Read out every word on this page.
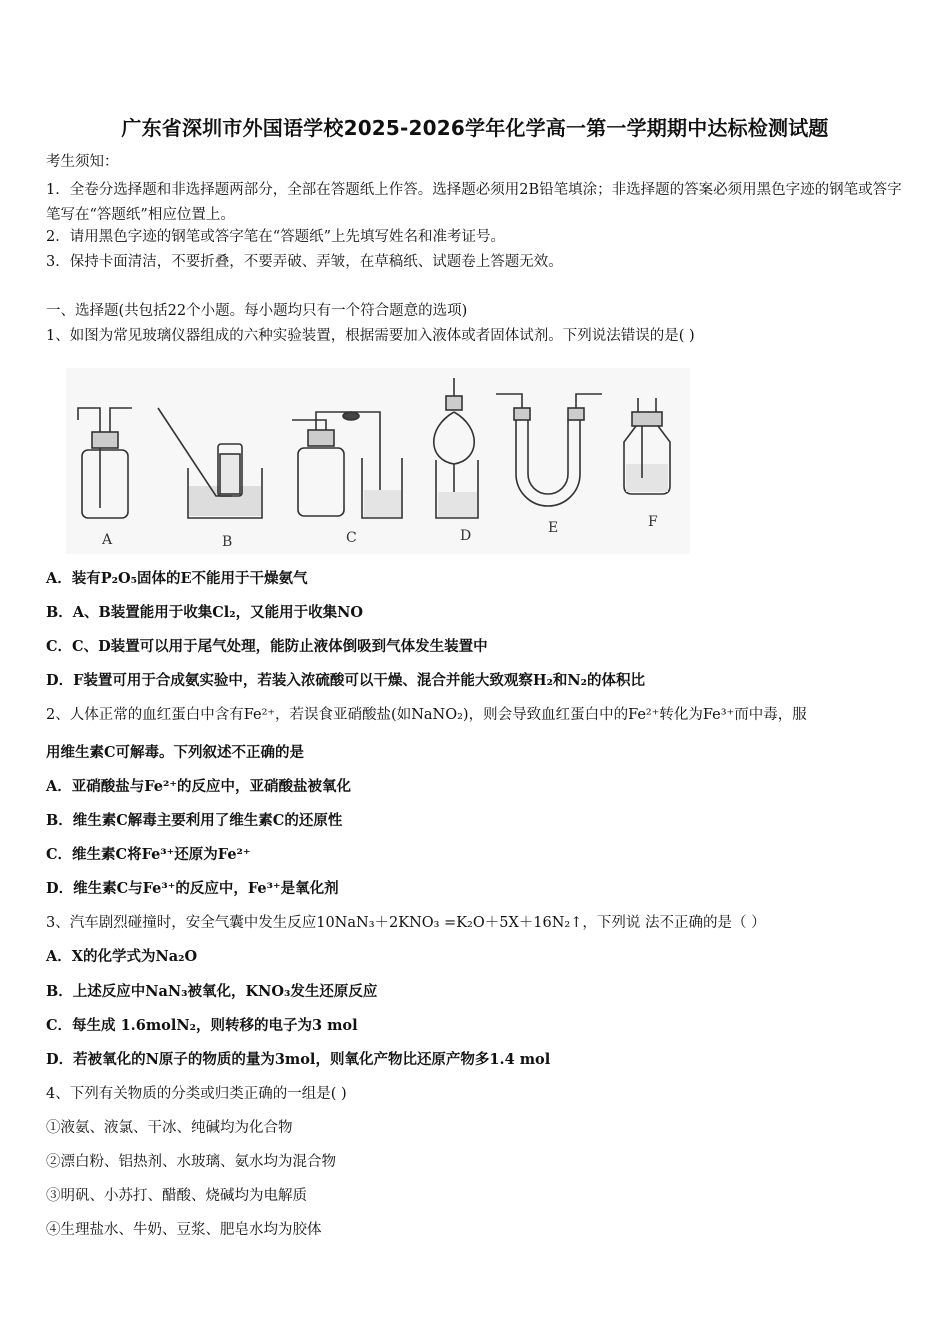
广东省深圳市外国语学校2025-2026学年化学高一第一学期期中达标检测试题
考生须知：
1．全卷分选择题和非选择题两部分，全部在答题纸上作答。选择题必须用2B铅笔填涂；非选择题的答案必须用黑色字迹的钢笔或答字笔写在“答题纸”相应位置上。
2．请用黑色字迹的钢笔或答字笔在“答题纸”上先填写姓名和准考证号。
3．保持卡面清洁，不要折叠，不要弄破、弄皱，在草稿纸、试题卷上答题无效。
一、选择题(共包括22个小题。每小题均只有一个符合题意的选项)
1、如图为常见玻璃仪器组成的六种实验装置，根据需要加入液体或者固体试剂。下列说法错误的是( )
A	B	C	D	E	F
A．装有P₂O₅固体的E不能用于干燥氨气
B．A、B装置能用于收集Cl₂，又能用于收集NO
C．C、D装置可以用于尾气处理，能防止液体倒吸到气体发生装置中
D．F装置可用于合成氨实验中，若装入浓硫酸可以干燥、混合并能大致观察H₂和N₂的体积比
2、人体正常的血红蛋白中含有Fe²⁺，若误食亚硝酸盐(如NaNO₂)，则会导致血红蛋白中的Fe²⁺转化为Fe³⁺而中毒，服
用维生素C可解毒。下列叙述不正确的是
A．亚硝酸盐与Fe²⁺的反应中，亚硝酸盐被氧化
B．维生素C解毒主要利用了维生素C的还原性
C．维生素C将Fe³⁺还原为Fe²⁺
D．维生素C与Fe³⁺的反应中，Fe³⁺是氧化剂
3、汽车剧烈碰撞时，安全气囊中发生反应10NaN₃＋2KNO₃ =K₂O＋5X＋16N₂↑，下列说 法不正确的是（ ）
A．X的化学式为Na₂O
B．上述反应中NaN₃被氧化，KNO₃发生还原反应
C．每生成 1.6molN₂，则转移的电子为3 mol
D．若被氧化的N原子的物质的量为3mol，则氧化产物比还原产物多1.4 mol
4、下列有关物质的分类或归类正确的一组是( )
①液氨、液氯、干冰、纯碱均为化合物
②漂白粉、铝热剂、水玻璃、氨水均为混合物
③明矾、小苏打、醋酸、烧碱均为电解质
④生理盐水、牛奶、豆浆、肥皂水均为胶体
